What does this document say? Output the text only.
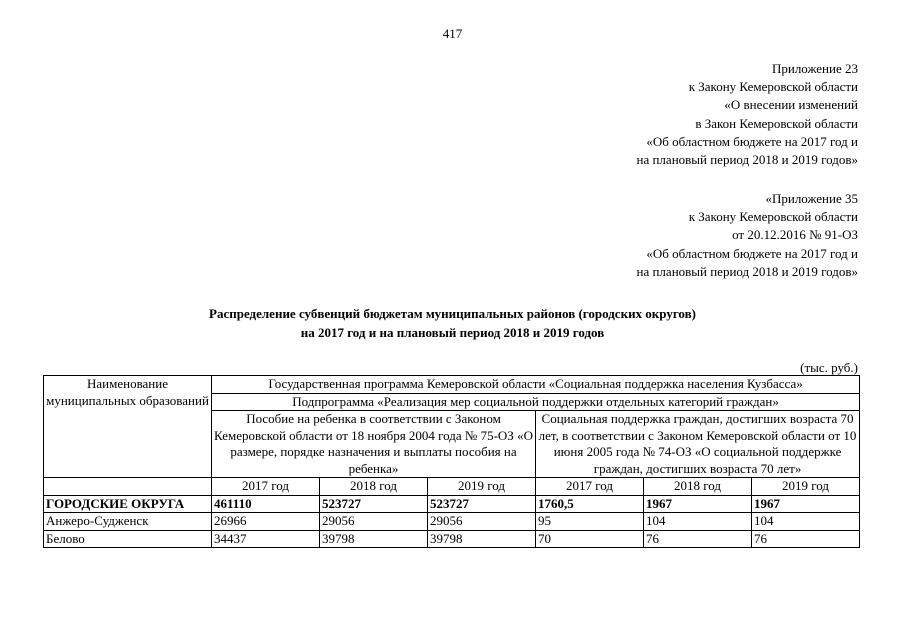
417
Приложение 23
к Закону Кемеровской области
«О внесении изменений
в Закон Кемеровской области
«Об областном бюджете на 2017 год и
на плановый период 2018 и 2019 годов»
«Приложение 35
к Закону Кемеровской области
от 20.12.2016 № 91-ОЗ
«Об областном бюджете на 2017 год и
на плановый период 2018 и 2019 годов»
Распределение субвенций бюджетам муниципальных районов (городских округов)
на 2017 год и на плановый период 2018 и 2019 годов
(тыс. руб.)
Наименование муниципальных образований	Государственная программа Кемеровской области «Социальная поддержка населения Кузбасса»					
	Подпрограмма «Реализация мер социальной поддержки отдельных категорий граждан»					
	Пособие на ребенка в соответствии с Законом Кемеровской области от 18 ноября 2004 года № 75-ОЗ «О размере, порядке назначения и выплаты пособия на ребенка»			Социальная поддержка граждан, достигших возраста 70 лет, в соответствии с Законом Кемеровской области от 10 июня 2005 года № 74-ОЗ «О социальной поддержке граждан, достигших возраста 70 лет»		
	2017 год	2018 год	2019 год	2017 год	2018 год	2019 год
ГОРОДСКИЕ ОКРУГА	461110	523727	523727	1760,5	1967	1967
Анжеро-Судженск	26966	29056	29056	95	104	104
Белово	34437	39798	39798	70	76	76
